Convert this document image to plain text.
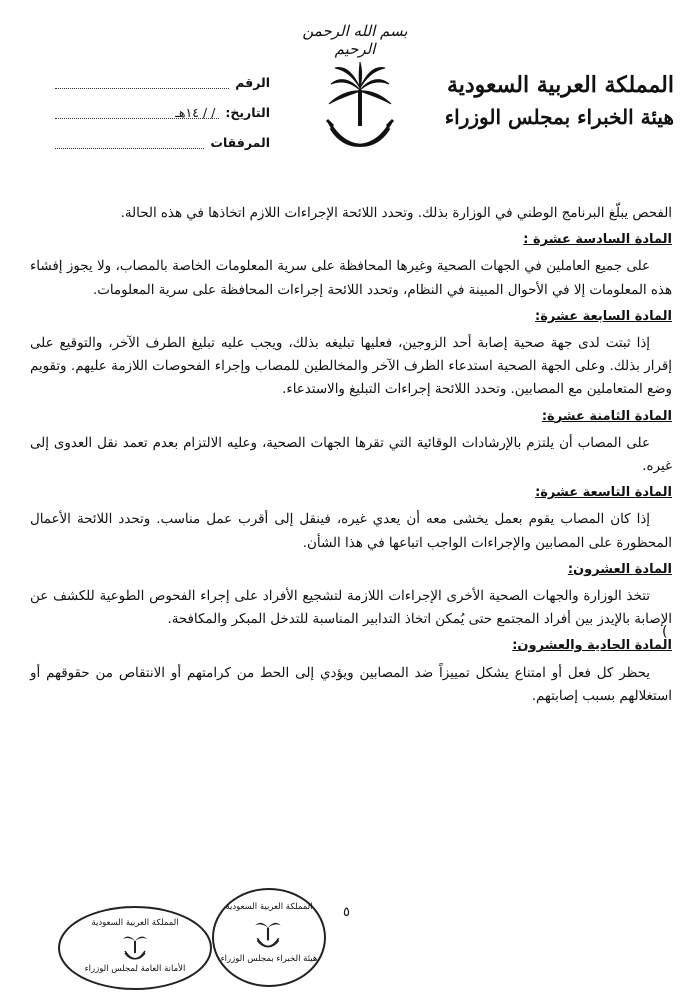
بسم الله الرحمن الرحيم
المملكة العربية السعودية
هيئة الخبراء بمجلس الوزراء
الرقم
التاريخ:
/ / ١٤هـ
المرفقات

الفحص يبلّغ البرنامج الوطني في الوزارة بذلك. وتحدد اللائحة الإجراءات اللازم اتخاذها في هذه الحالة.

المادة السادسة عشرة :

على جميع العاملين في الجهات الصحية وغيرها المحافظة على سرية المعلومات الخاصة بالمصاب، ولا يجوز إفشاء هذه المعلومات إلا في الأحوال المبينة في النظام، وتحدد اللائحة إجراءات المحافظة على سرية المعلومات.

المادة السابعة عشرة:

إذا ثبتت لدى جهة صحية إصابة أحد الزوجين، فعليها تبليغه بذلك، ويجب عليه تبليغ الطرف الآخر، والتوقيع على إقرار بذلك. وعلى الجهة الصحية استدعاء الطرف الآخر والمخالطين للمصاب وإجراء الفحوصات اللازمة عليهم. وتقويم وضع المتعاملين مع المصابين. وتحدد اللائحة إجراءات التبليغ والاستدعاء.

المادة الثامنة عشرة:

على المصاب أن يلتزم بالإرشادات الوقائية التي تقرها الجهات الصحية، وعليه الالتزام بعدم تعمد نقل العدوى إلى غيره.

المادة التاسعة عشرة:

إذا كان المصاب يقوم بعمل يخشى معه أن يعدي غيره، فينقل إلى أقرب عمل مناسب. وتحدد اللائحة الأعمال المحظورة على المصابين والإجراءات الواجب اتباعها في هذا الشأن.

المادة العشرون:

تتخذ الوزارة والجهات الصحية الأخرى الإجراءات اللازمة لتشجيع الأفراد على إجراء الفحوص الطوعية للكشف عن الإصابة بالإيدز بين أفراد المجتمع حتى يُمكن اتخاذ التدابير المناسبة للتدخل المبكر والمكافحة.

المادة الحادية والعشرون:

يحظر كل فعل أو امتناع يشكل تمييزاً ضد المصابين ويؤدي إلى الحط من كرامتهم أو الانتقاص من حقوقهم أو استغلالهم بسبب إصابتهم.

(
٥
المملكة العربية السعودية
الأمانة العامة لمجلس الوزراء
المملكة العربية السعودية
هيئة الخبراء بمجلس الوزراء
